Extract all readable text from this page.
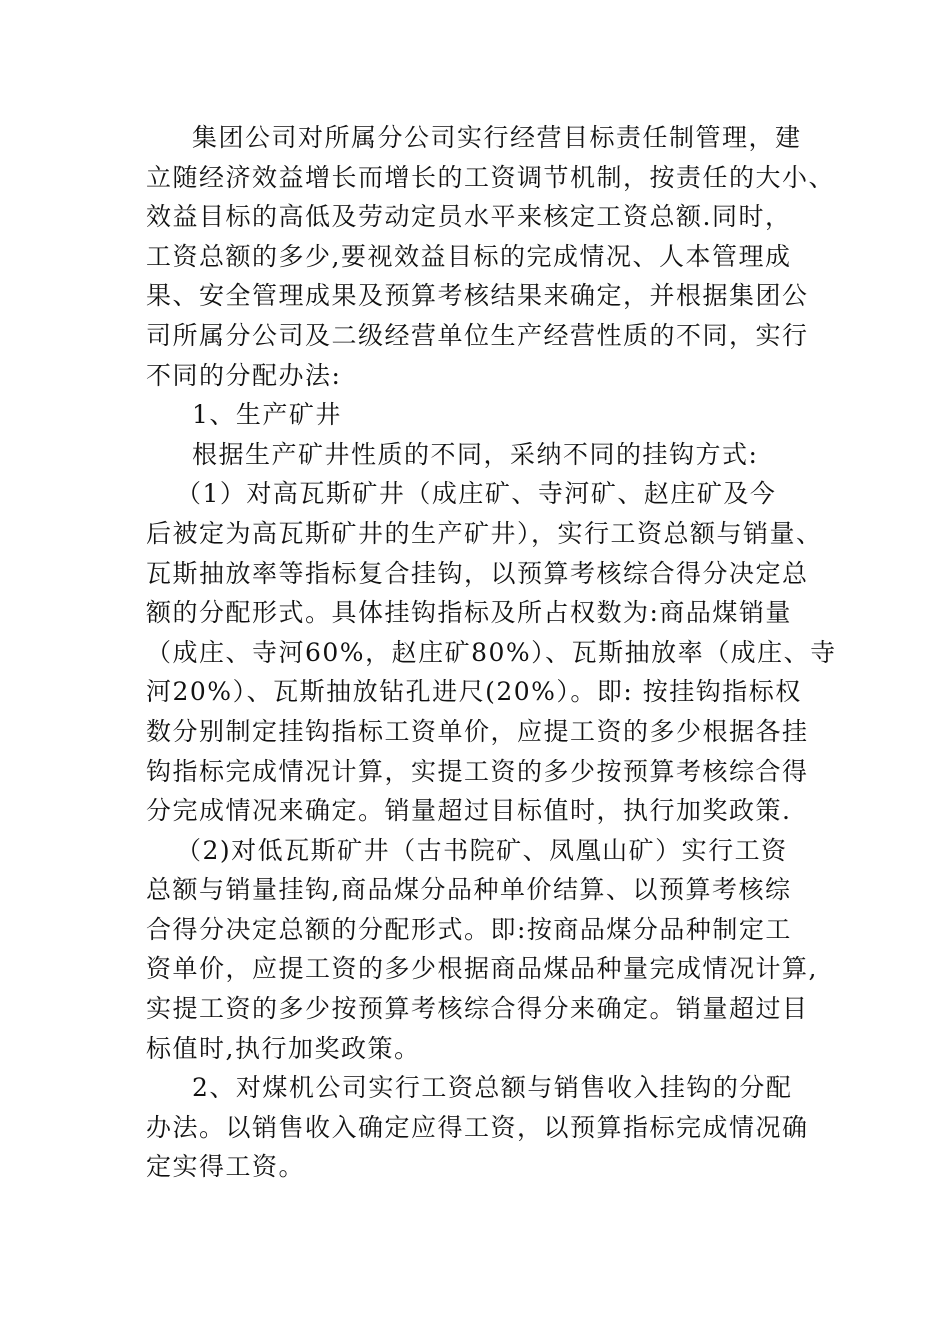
集团公司对所属分公司实行经营目标责任制管理，建
立随经济效益增长而增长的工资调节机制，按责任的大小、
效益目标的高低及劳动定员水平来核定工资总额.同时，
工资总额的多少,要视效益目标的完成情况、人本管理成
果、安全管理成果及预算考核结果来确定，并根据集团公
司所属分公司及二级经营单位生产经营性质的不同，实行
不同的分配办法:
1、生产矿井
根据生产矿井性质的不同，采纳不同的挂钩方式:
（1）对高瓦斯矿井（成庄矿、寺河矿、赵庄矿及今
后被定为高瓦斯矿井的生产矿井），实行工资总额与销量、
瓦斯抽放率等指标复合挂钩，以预算考核综合得分决定总
额的分配形式。具体挂钩指标及所占权数为:商品煤销量
（成庄、寺河60%，赵庄矿80%）、瓦斯抽放率（成庄、寺
河20%）、瓦斯抽放钻孔进尺(20%）。即: 按挂钩指标权
数分别制定挂钩指标工资单价，应提工资的多少根据各挂
钩指标完成情况计算，实提工资的多少按预算考核综合得
分完成情况来确定。销量超过目标值时，执行加奖政策.
（2)对低瓦斯矿井（古书院矿、凤凰山矿）实行工资
总额与销量挂钩,商品煤分品种单价结算、以预算考核综
合得分决定总额的分配形式。即:按商品煤分品种制定工
资单价，应提工资的多少根据商品煤品种量完成情况计算,
实提工资的多少按预算考核综合得分来确定。销量超过目
标值时,执行加奖政策。
2、对煤机公司实行工资总额与销售收入挂钩的分配
办法。以销售收入确定应得工资，以预算指标完成情况确
定实得工资。
